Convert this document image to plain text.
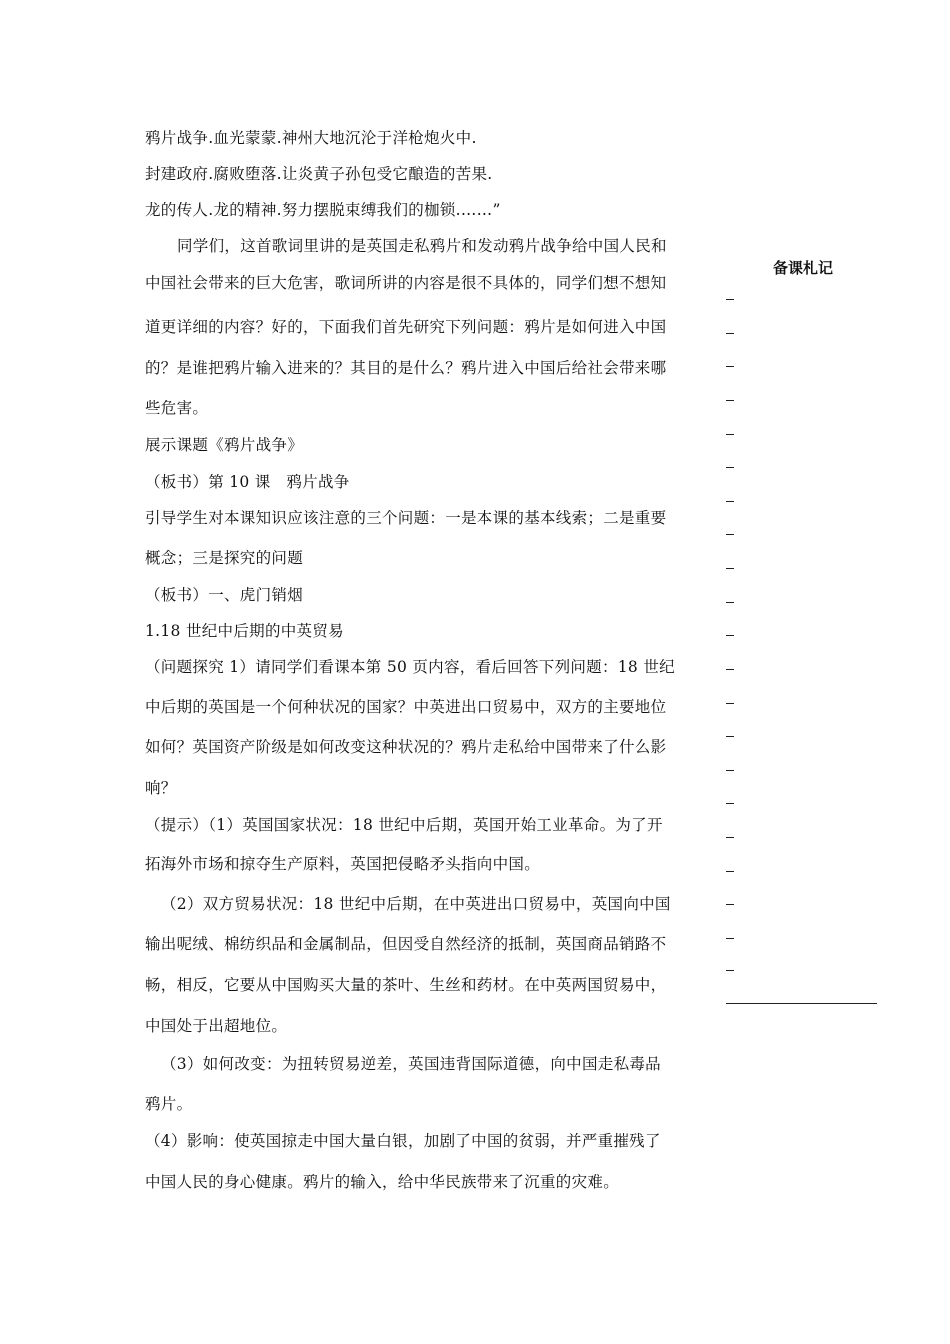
鸦片战争.血光蒙蒙.神州大地沉沦于洋枪炮火中.
封建政府.腐败堕落.让炎黄子孙包受它酿造的苦果.
龙的传人.龙的精神.努力摆脱束缚我们的枷锁.……”
同学们，这首歌词里讲的是英国走私鸦片和发动鸦片战争给中国人民和
中国社会带来的巨大危害，歌词所讲的内容是很不具体的，同学们想不想知
道更详细的内容？好的，下面我们首先研究下列问题：鸦片是如何进入中国
的？是谁把鸦片输入进来的？其目的是什么？鸦片进入中国后给社会带来哪
些危害。
展示课题《鸦片战争》
（板书）第 10 课　鸦片战争
引导学生对本课知识应该注意的三个问题：一是本课的基本线索；二是重要
概念；三是探究的问题
（板书）一、虎门销烟
1.18 世纪中后期的中英贸易
（问题探究 1）请同学们看课本第 50 页内容，看后回答下列问题：18 世纪
中后期的英国是一个何种状况的国家？中英进出口贸易中，双方的主要地位
如何？英国资产阶级是如何改变这种状况的？鸦片走私给中国带来了什么影
响？
（提示）（1）英国国家状况：18 世纪中后期，英国开始工业革命。为了开
拓海外市场和掠夺生产原料，英国把侵略矛头指向中国。
（2）双方贸易状况：18 世纪中后期，在中英进出口贸易中，英国向中国
输出呢绒、棉纺织品和金属制品，但因受自然经济的抵制，英国商品销路不
畅，相反，它要从中国购买大量的茶叶、生丝和药材。在中英两国贸易中，
中国处于出超地位。
（3）如何改变：为扭转贸易逆差，英国违背国际道德，向中国走私毒品
鸦片。
（4）影响：使英国掠走中国大量白银，加剧了中国的贫弱，并严重摧残了
中国人民的身心健康。鸦片的输入，给中华民族带来了沉重的灾难。
备课札记
